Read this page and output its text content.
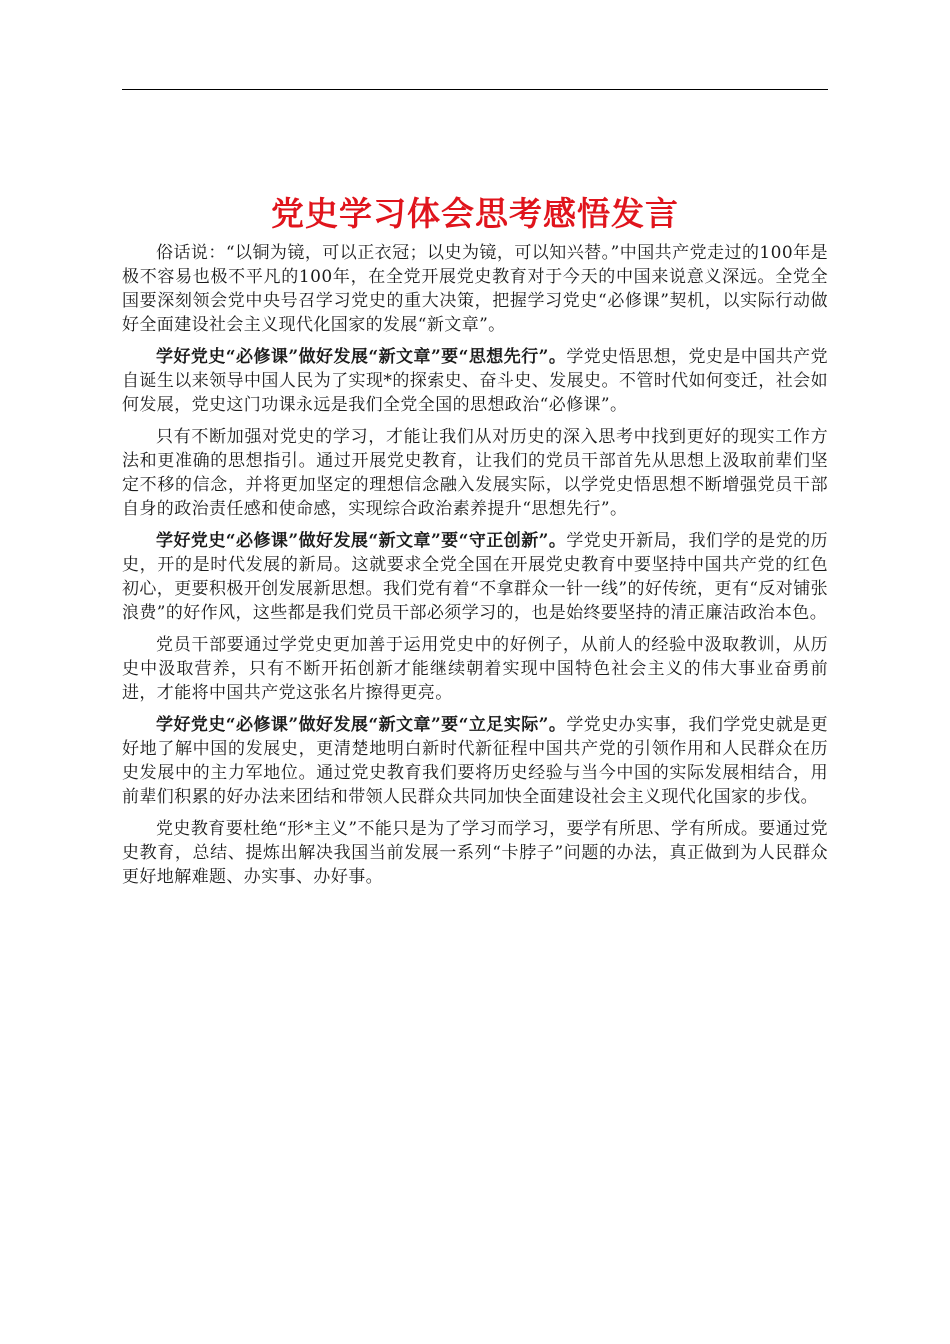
党史学习体会思考感悟发言

俗话说：“以铜为镜，可以正衣冠；以史为镜，可以知兴替。”中国共产党走过的100年是极不容易也极不平凡的100年，在全党开展党史教育对于今天的中国来说意义深远。全党全国要深刻领会党中央号召学习党史的重大决策，把握学习党史“必修课”契机，以实际行动做好全面建设社会主义现代化国家的发展“新文章”。

学好党史“必修课”做好发展“新文章”要“思想先行”。学党史悟思想，党史是中国共产党自诞生以来领导中国人民为了实现*的探索史、奋斗史、发展史。不管时代如何变迁，社会如何发展，党史这门功课永远是我们全党全国的思想政治“必修课”。

只有不断加强对党史的学习，才能让我们从对历史的深入思考中找到更好的现实工作方法和更准确的思想指引。通过开展党史教育，让我们的党员干部首先从思想上汲取前辈们坚定不移的信念，并将更加坚定的理想信念融入发展实际，以学党史悟思想不断增强党员干部自身的政治责任感和使命感，实现综合政治素养提升“思想先行”。

学好党史“必修课”做好发展“新文章”要“守正创新”。学党史开新局，我们学的是党的历史，开的是时代发展的新局。这就要求全党全国在开展党史教育中要坚持中国共产党的红色初心，更要积极开创发展新思想。我们党有着“不拿群众一针一线”的好传统，更有“反对铺张浪费”的好作风，这些都是我们党员干部必须学习的，也是始终要坚持的清正廉洁政治本色。

党员干部要通过学党史更加善于运用党史中的好例子，从前人的经验中汲取教训，从历史中汲取营养，只有不断开拓创新才能继续朝着实现中国特色社会主义的伟大事业奋勇前进，才能将中国共产党这张名片擦得更亮。

学好党史“必修课”做好发展“新文章”要“立足实际”。学党史办实事，我们学党史就是更好地了解中国的发展史，更清楚地明白新时代新征程中国共产党的引领作用和人民群众在历史发展中的主力军地位。通过党史教育我们要将历史经验与当今中国的实际发展相结合，用前辈们积累的好办法来团结和带领人民群众共同加快全面建设社会主义现代化国家的步伐。

党史教育要杜绝“形*主义”不能只是为了学习而学习，要学有所思、学有所成。要通过党史教育，总结、提炼出解决我国当前发展一系列“卡脖子”问题的办法，真正做到为人民群众更好地解难题、办实事、办好事。
